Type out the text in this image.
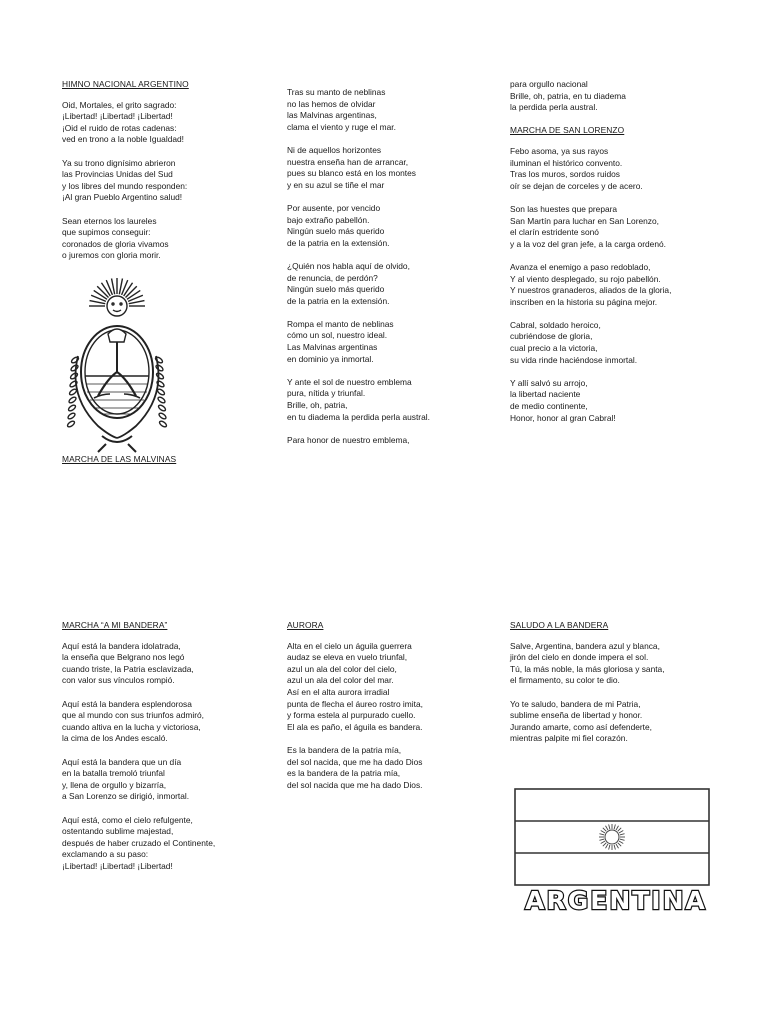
HIMNO NACIONAL ARGENTINO
Oid, Mortales, el grito sagrado:
¡Libertad! ¡Libertad! ¡Libertad!
¡Oid el ruido de rotas cadenas:
ved en trono a la noble Igualdad!
Ya su trono dignísimo abrieron
las Provincias Unidas del Sud
y los libres del mundo responden:
¡Al gran Pueblo Argentino salud!
Sean eternos los laureles
que supimos conseguir:
coronados de gloria vivamos
o juremos con gloria morir.
MARCHA DE LAS MALVINAS
Tras su manto de neblinas
no las hemos de olvidar
las Malvinas argentinas,
clama el viento y ruge el mar.
Ni de aquellos horizontes
nuestra enseña han de arrancar,
pues su blanco está en los montes
y en su azul se tiñe el mar
Por ausente, por vencido
bajo extraño pabellón.
Ningún suelo más querido
de la patria en la extensión.
¿Quién nos habla aquí de olvido,
de renuncia, de perdón?
Ningún suelo más querido
de la patria en la extensión.
Rompa el manto de neblinas
cómo un sol, nuestro ideal.
Las Malvinas argentinas
en dominio ya inmortal.
Y ante el sol de nuestro emblema
pura, nítida y triunfal.
Brille, oh, patria,
en tu diadema la perdida perla austral.
Para honor de nuestro emblema,
para orgullo nacional
Brille, oh, patria, en tu diadema
la perdida perla austral.
MARCHA DE SAN LORENZO
Febo asoma, ya sus rayos
iluminan el histórico convento.
Tras los muros, sordos ruidos
oír se dejan de corceles y de acero.
Son las huestes que prepara
San Martín para luchar en San Lorenzo,
el clarín estridente sonó
y a la voz del gran jefe, a la carga ordenó.
Avanza el enemigo a paso redoblado,
Y al viento desplegado, su rojo pabellón.
Y nuestros granaderos, aliados de la gloria,
inscriben en la historia su página mejor.
Cabral, soldado heroico,
cubriéndose de gloria,
cual precio a la victoria,
su vida rinde haciéndose inmortal.
Y allí salvó su arrojo,
la libertad naciente
de medio continente,
Honor, honor al gran Cabral!
MARCHA “A MI BANDERA”
Aquí está la bandera idolatrada,
la enseña que Belgrano nos legó
cuando triste, la Patria esclavizada,
con valor sus vínculos rompió.
Aquí está la bandera esplendorosa
que al mundo con sus triunfos admiró,
cuando altiva en la lucha y victoriosa,
la cima de los Andes escaló.
Aquí está la bandera que un día
en la batalla tremoló triunfal
y, llena de orgullo y bizarría,
a San Lorenzo se dirigió, inmortal.
Aquí está, como el cielo refulgente,
ostentando sublime majestad,
después de haber cruzado el Continente,
exclamando a su paso:
¡Libertad! ¡Libertad! ¡Libertad!
AURORA
Alta en el cielo un águila guerrera
audaz se eleva en vuelo triunfal,
azul un ala del color del cielo,
azul un ala del color del mar.
Así en el alta aurora irradial
punta de flecha el áureo rostro imita,
y forma estela al purpurado cuello.
El ala es paño, el águila es bandera.
Es la bandera de la patria mía,
del sol nacida, que me ha dado Dios
es la bandera de la patria mía,
del sol nacida que me ha dado Dios.
SALUDO A LA BANDERA
Salve, Argentina, bandera azul y blanca,
jirón del cielo en donde impera el sol.
Tú, la más noble, la más gloriosa y santa,
el firmamento, su color te dio.
Yo te saludo, bandera de mi Patria,
sublime enseña de libertad y honor.
Jurando amarte, como así defenderte,
mientras palpite mi fiel corazón.
ARGENTINA
